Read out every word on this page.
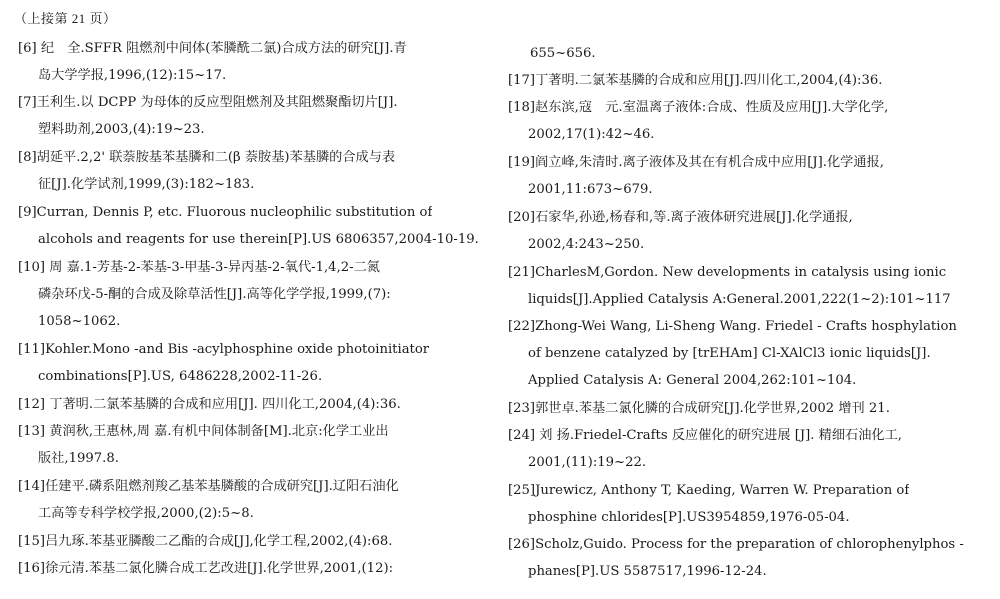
（上接第 21 页）
[6] 纪　全.SFFR 阻燃剂中间体(苯膦酰二氯)合成方法的研究[J].青
岛大学学报,1996,(12):15~17.
[7]王利生.以 DCPP 为母体的反应型阻燃剂及其阻燃聚酯切片[J].
塑料助剂,2003,(4):19~23.
[8]胡延平.2,2' 联萘胺基苯基膦和二(β 萘胺基)苯基膦的合成与表
征[J].化学试剂,1999,(3):182~183.
[9]Curran, Dennis P, etc. Fluorous nucleophilic substitution of
alcohols and reagents for use therein[P].US 6806357,2004-10-19.
[10] 周 嘉.1-芳基-2-苯基-3-甲基-3-异丙基-2-氧代-1,4,2-二氮
磷杂环戊-5-酮的合成及除草活性[J].高等化学学报,1999,(7):
1058~1062.
[11]Kohler.Mono -and Bis -acylphosphine oxide photoinitiator
combinations[P].US, 6486228,2002-11-26.
[12] 丁著明.二氯苯基膦的合成和应用[J]. 四川化工,2004,(4):36.
[13] 黄润秋,王惠林,周 嘉.有机中间体制备[M].北京:化学工业出
版社,1997.8.
[14]任建平.磷系阻燃剂羧乙基苯基膦酸的合成研究[J].辽阳石油化
工高等专科学校学报,2000,(2):5~8.
[15]吕九琢.苯基亚膦酸二乙酯的合成[J],化学工程,2002,(4):68.
[16]徐元清.苯基二氯化膦合成工艺改进[J].化学世界,2001,(12):
655~656.
[17]丁著明.二氯苯基膦的合成和应用[J].四川化工,2004,(4):36.
[18]赵东滨,寇　元.室温离子液体:合成、性质及应用[J].大学化学,
2002,17(1):42~46.
[19]阎立峰,朱清时.离子液体及其在有机合成中应用[J].化学通报,
2001,11:673~679.
[20]石家华,孙逊,杨春和,等.离子液体研究进展[J].化学通报,
2002,4:243~250.
[21]CharlesM,Gordon. New developments in catalysis using ionic
liquids[J].Applied Catalysis A:General.2001,222(1~2):101~117
[22]Zhong-Wei Wang, Li-Sheng Wang. Friedel - Crafts hosphylation
of benzene catalyzed by [trEHAm] Cl-XAlCl3 ionic liquids[J].
Applied Catalysis A: General 2004,262:101~104.
[23]郭世卓.苯基二氯化膦的合成研究[J].化学世界,2002 增刊 21.
[24] 刘 扬.Friedel-Crafts 反应催化的研究进展 [J]. 精细石油化工,
2001,(11):19~22.
[25]Jurewicz, Anthony T, Kaeding, Warren W. Preparation of
phosphine chlorides[P].US3954859,1976-05-04.
[26]Scholz,Guido. Process for the preparation of chlorophenylphos -
phanes[P].US 5587517,1996-12-24.
